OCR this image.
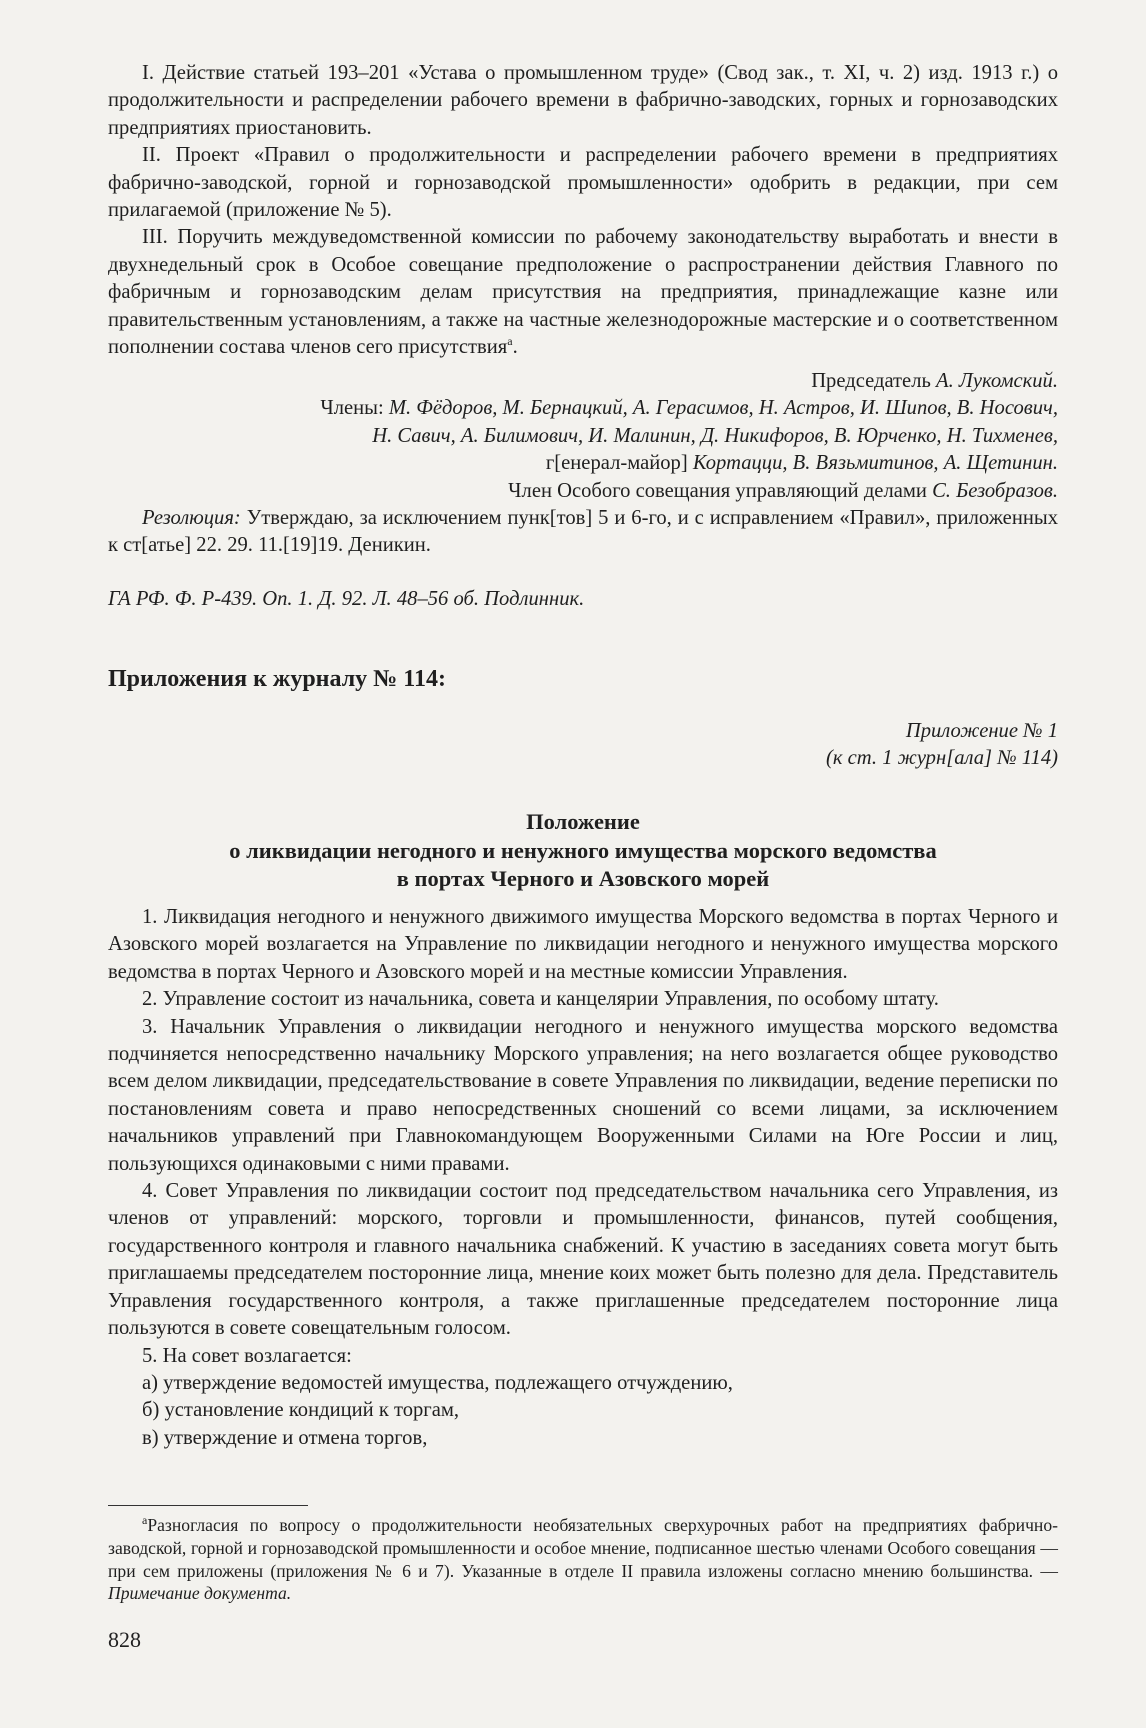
I. Действие статьей 193–201 «Устава о промышленном труде» (Свод зак., т. XI, ч. 2) изд. 1913 г.) о продолжительности и распределении рабочего времени в фабрично-заводских, горных и горнозаводских предприятиях приостановить.

II. Проект «Правил о продолжительности и распределении рабочего времени в предприятиях фабрично-заводской, горной и горнозаводской промышленности» одобрить в редакции, при сем прилагаемой (приложение № 5).

III. Поручить междуведомственной комиссии по рабочему законодательству выработать и внести в двухнедельный срок в Особое совещание предположение о распространении действия Главного по фабричным и горнозаводским делам присутствия на предприятия, принадлежащие казне или правительственным установлениям, а также на частные железнодорожные мастерские и о соответственном пополнении состава членов сего присутствия$^а$.

Председатель А. Лукомский.

Члены: М. Фёдоров, М. Бернацкий, А. Герасимов, Н. Астров, И. Шипов, В. Носович,

Н. Савич, А. Билимович, И. Малинин, Д. Никифоров, В. Юрченко, Н. Тихменев,

г[енерал-майор] Кортацци, В. Вязьмитинов, А. Щетинин.

Член Особого совещания управляющий делами С. Безобразов.

Резолюция: Утверждаю, за исключением пунк[тов] 5 и 6-го, и с исправлением «Правил», приложенных к ст[атье] 22. 29. 11.[19]19. Деникин.

ГА РФ. Ф. Р-439. Оп. 1. Д. 92. Л. 48–56 об. Подлинник.

Приложения к журналу № 114:

Приложение № 1

(к ст. 1 журн[ала] № 114)

Положение

о ликвидации негодного и ненужного имущества морского ведомства

в портах Черного и Азовского морей

1. Ликвидация негодного и ненужного движимого имущества Морского ведомства в портах Черного и Азовского морей возлагается на Управление по ликвидации негодного и ненужного имущества морского ведомства в портах Черного и Азовского морей и на местные комиссии Управления.

2. Управление состоит из начальника, совета и канцелярии Управления, по особому штату.

3. Начальник Управления о ликвидации негодного и ненужного имущества морского ведомства подчиняется непосредственно начальнику Морского управления; на него возлагается общее руководство всем делом ликвидации, председательствование в совете Управления по ликвидации, ведение переписки по постановлениям совета и право непосредственных сношений со всеми лицами, за исключением начальников управлений при Главнокомандующем Вооруженными Силами на Юге России и лиц, пользующихся одинаковыми с ними правами.

4. Совет Управления по ликвидации состоит под председательством начальника сего Управления, из членов от управлений: морского, торговли и промышленности, финансов, путей сообщения, государственного контроля и главного начальника снабжений. К участию в заседаниях совета могут быть приглашаемы председателем посторонние лица, мнение коих может быть полезно для дела. Представитель Управления государственного контроля, а также приглашенные председателем посторонние лица пользуются в совете совещательным голосом.

5. На совет возлагается:

а) утверждение ведомостей имущества, подлежащего отчуждению,

б) установление кондиций к торгам,

в) утверждение и отмена торгов,

$^а$Разногласия по вопросу о продолжительности необязательных сверхурочных работ на предприятиях фабрично-заводской, горной и горнозаводской промышленности и особое мнение, подписанное шестью членами Особого совещания — при сем приложены (приложения № 6 и 7). Указанные в отделе II правила изложены согласно мнению большинства. — Примечание документа.

828
